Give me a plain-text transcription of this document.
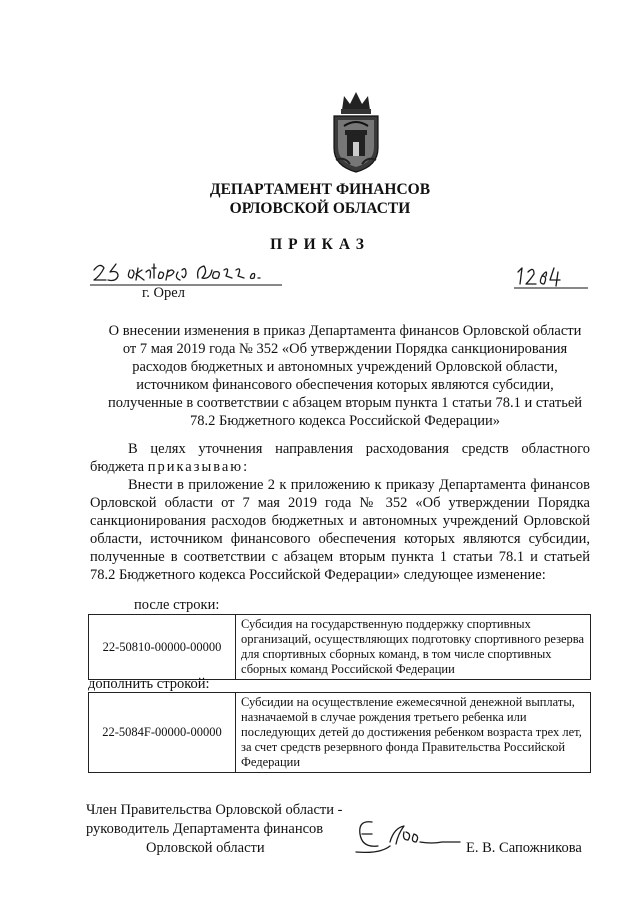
ДЕПАРТАМЕНТ ФИНАНСОВ
ОРЛОВСКОЙ ОБЛАСТИ
ПРИКАЗ
г. Орел
О внесении изменения в приказ Департамента финансов Орловской области
от 7 мая 2019 года № 352 «Об утверждении Порядка санкционирования
расходов бюджетных и автономных учреждений Орловской области,
источником финансового обеспечения которых являются субсидии,
полученные в соответствии с абзацем вторым пункта 1 статьи 78.1 и статьей
78.2 Бюджетного кодекса Российской Федерации»

В целях уточнения направления расходования средств областного бюджета приказываю:

Внести в приложение 2 к приложению к приказу Департамента финансов Орловской области от 7 мая 2019 года № 352 «Об утверждении Порядка санкционирования расходов бюджетных и автономных учреждений Орловской области, источником финансового обеспечения которых являются субсидии, полученные в соответствии с абзацем вторым пункта 1 статьи 78.1 и статьей 78.2 Бюджетного кодекса Российской Федерации» следующее изменение:

после строки:
22-50810-00000-00000	Субсидия на государственную поддержку спортивных организаций, осуществляющих подготовку спортивного резерва для спортивных сборных команд, в том числе спортивных сборных команд Российской Федерации
дополнить строкой:
22-5084F-00000-00000	Субсидии на осуществление ежемесячной денежной выплаты, назначаемой в случае рождения третьего ребенка или последующих детей до достижения ребенком возраста трех лет, за счет средств резервного фонда Правительства Российской Федерации
Член Правительства Орловской области -
руководитель Департамента финансов
Орловской области	Е. В. Сапожникова
